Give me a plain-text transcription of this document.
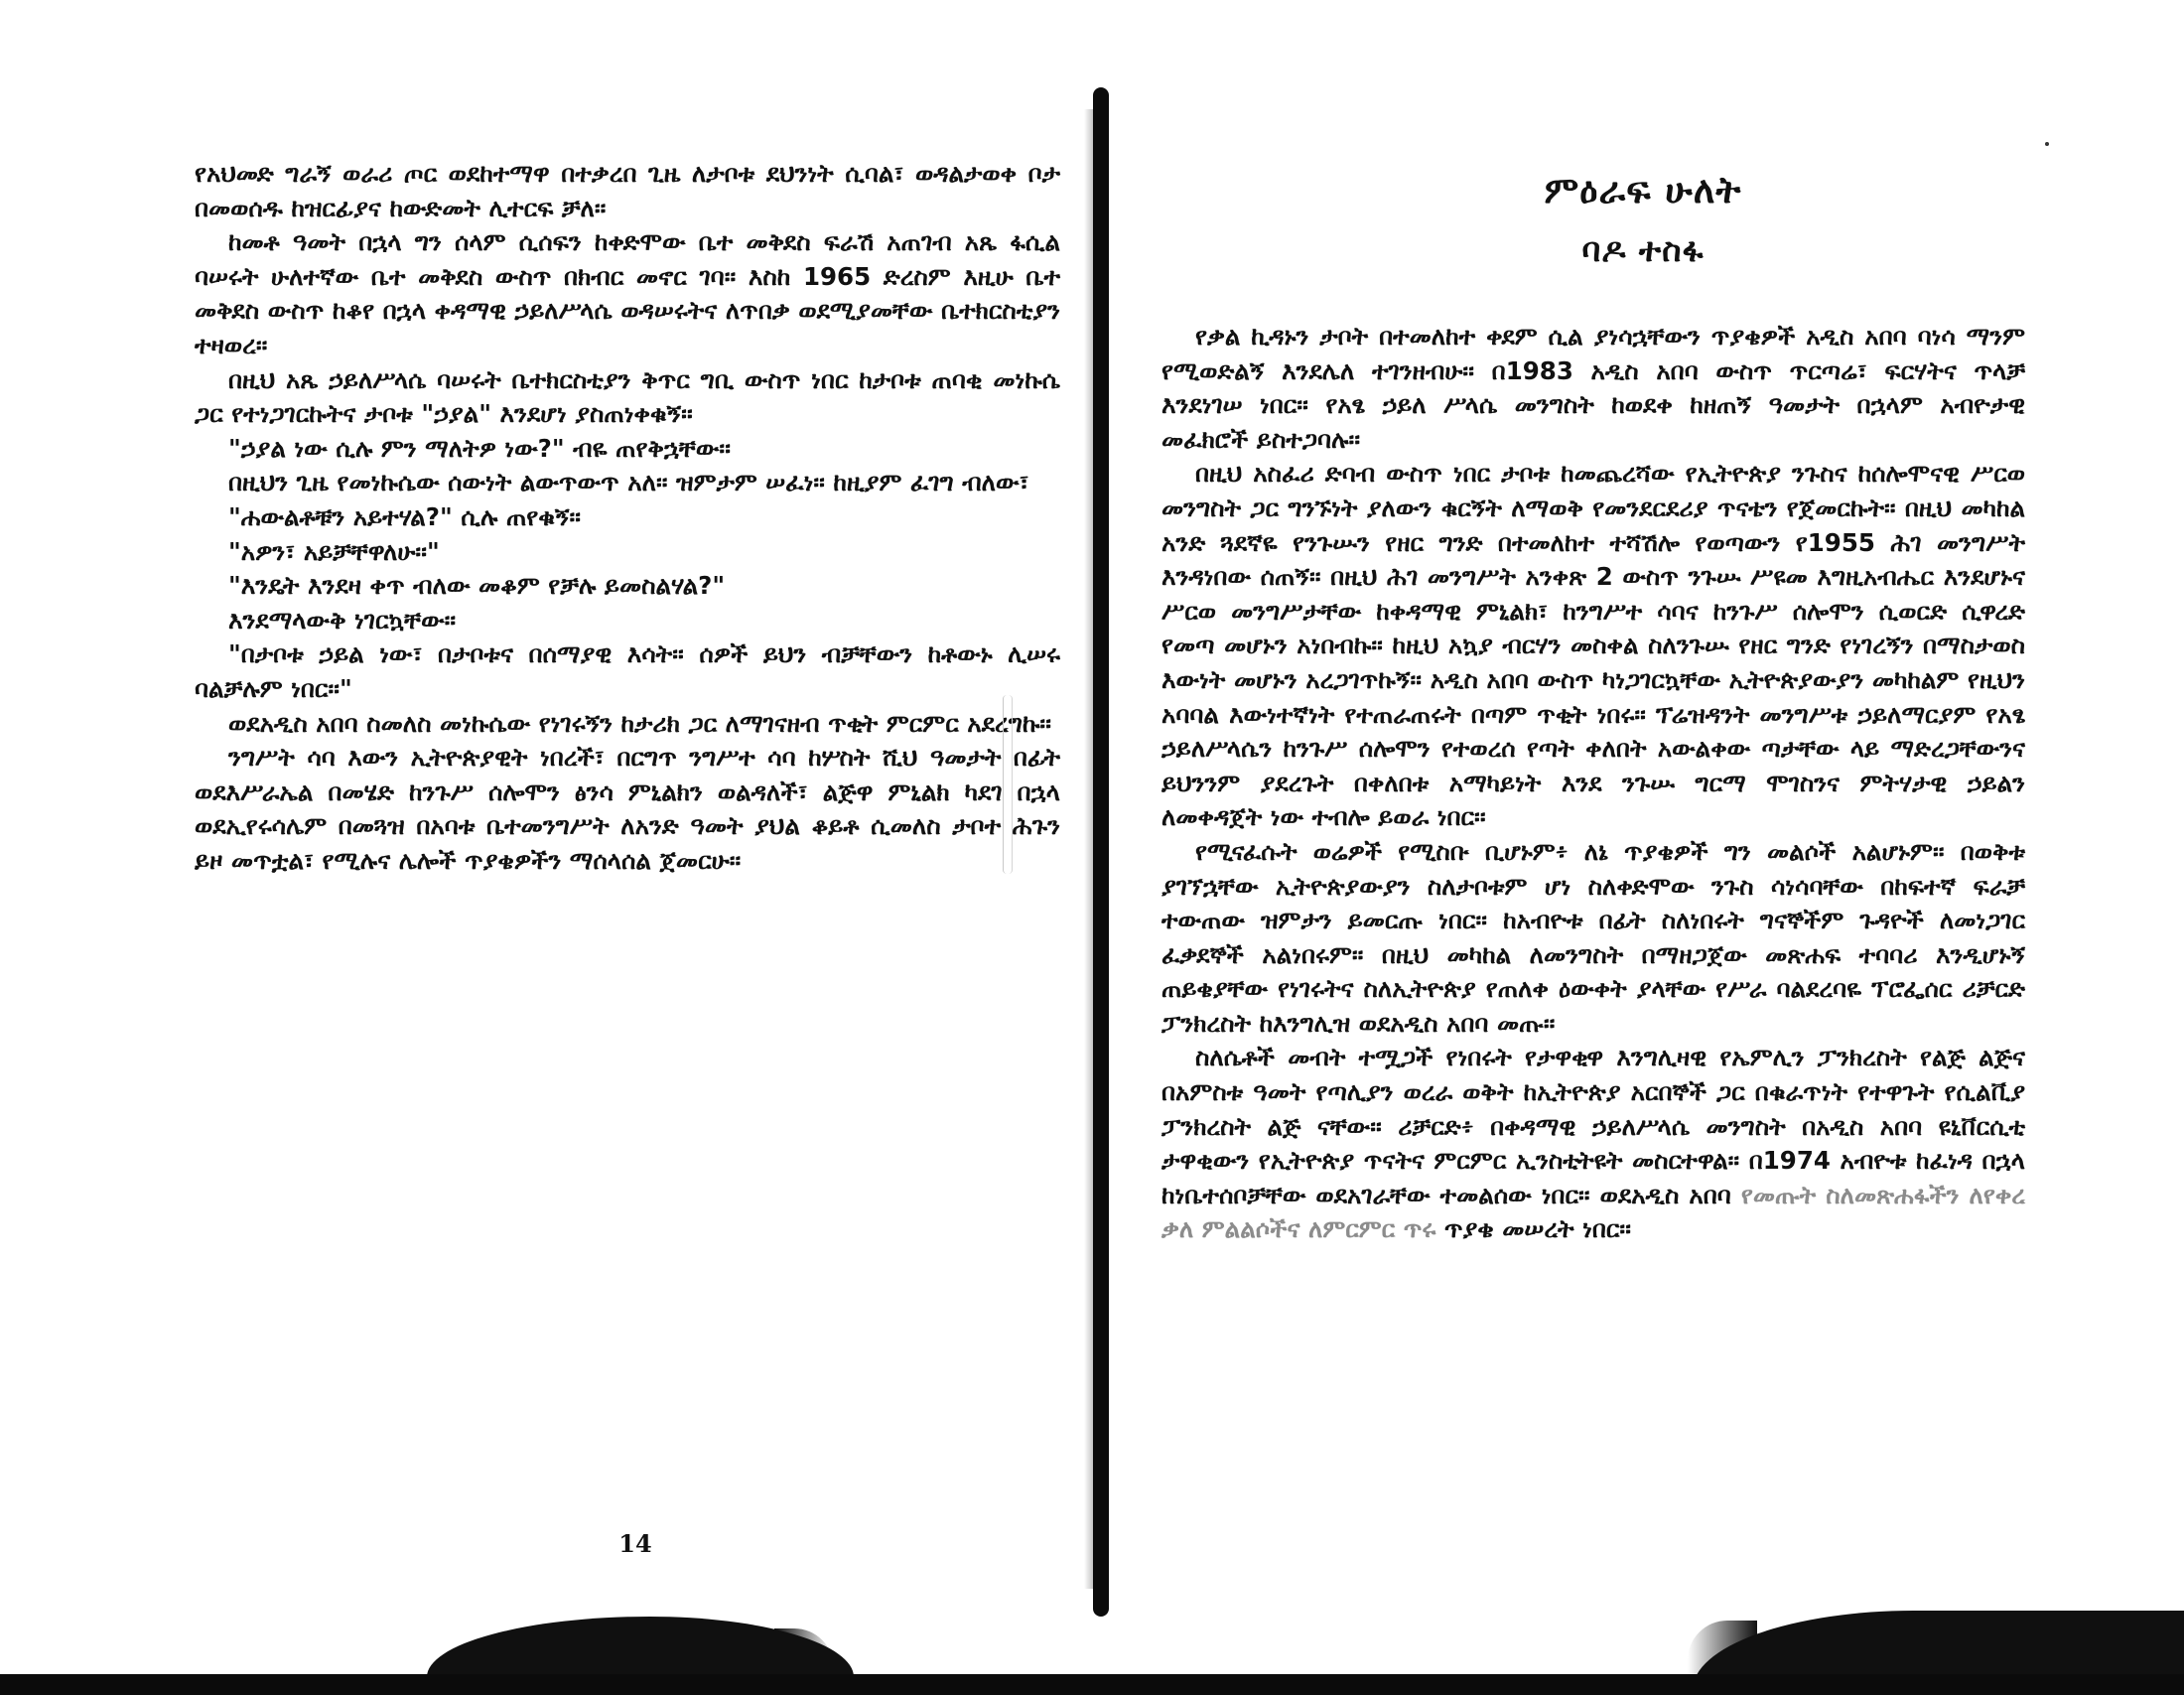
የአህመድ ግራኝ ወራሪ ጦር ወደከተማዋ በተቃረበ ጊዜ ለታቦቱ ደህንነት ሲባል፣ ወዳልታወቀ ቦታ በመወሰዱ ከዝርፊያና ከውድመት ሊተርፍ ቻለ፡፡

ከመቶ ዓመት በኋላ ግን ሰላም ሲሰፍን ከቀድሞው ቤተ መቅደስ ፍራሽ አጠገብ አጼ ፋሲል ባሠሩት ሁለተኛው ቤተ መቅደስ ውስጥ በክብር መኖር ገባ፡፡ እስከ 1965 ድረስም እዚሁ ቤተ መቅደስ ውስጥ ከቆየ በኋላ ቀዳማዊ ኃይለሥላሴ ወዳሠሩትና ለጥበቃ ወደሚያመቸው ቤተክርስቲያን ተዛወረ፡፡

በዚህ አጼ ኃይለሥላሴ ባሠሩት ቤተክርስቲያን ቅጥር ግቢ ውስጥ ነበር ከታቦቱ ጠባቂ መነኩሴ ጋር የተነጋገርኩትና ታቦቱ "ኃያል" እንደሆነ ያስጠነቀቁኝ፡፡

"ኃያል ነው ሲሉ ምን ማለትዎ ነው?" ብዬ ጠየቅኋቸው፡፡

በዚህን ጊዜ የመነኩሴው ሰውነት ልውጥውጥ አለ፡፡ ዝምታም ሠፈነ፡፡ ከዚያም ፈገግ ብለው፣

"ሐውልቶቹን አይተሃል?" ሲሉ ጠየቁኝ፡፡

"አዎን፣ አይቻቸዋለሁ፡፡"

"እንዴት እንደዛ ቀጥ ብለው መቆም የቻሉ ይመስልሃል?"

እንደማላውቅ ነገርኳቸው፡፡

"በታቦቱ ኃይል ነው፣ በታቦቱና በሰማያዊ እሳት፡፡ ሰዎች ይህን ብቻቸውን ከቶውኑ ሊሠሩ ባልቻሉም ነበር፡፡"

ወደአዲስ አበባ ስመለስ መነኩሴው የነገሩኝን ከታሪክ ጋር ለማገናዘብ ጥቂት ምርምር አደረግኩ፡፡

ንግሥት ሳባ እውን ኢትዮጵያዊት ነበረች፣ በርግጥ ንግሥተ ሳባ ከሦስት ሺህ ዓመታት በፊት ወደእሥራኤል በመሄድ ከንጉሥ ሰሎሞን ፅንሳ ምኒልክን ወልዳለች፣ ልጅዋ ምኒልክ ካደገ በኋላ ወደኢየሩሳሌም በመጓዝ በአባቱ ቤተመንግሥት ለአንድ ዓመት ያህል ቆይቶ ሲመለስ ታቦተ ሕጉን ይዞ መጥቷል፣ የሚሉና ሌሎች ጥያቄዎችን ማሰላሰል ጀመርሁ፡፡

14
ምዕራፍ ሁለት
ባዶ ተስፋ

የቃል ኪዳኑን ታቦት በተመለከተ ቀደም ሲል ያነሳኋቸውን ጥያቄዎች አዲስ አበባ ባነሳ ማንም የሚወድልኝ እንደሌለ ተገንዘብሁ፡፡ በ1983 አዲስ አበባ ውስጥ ጥርጣሬ፣ ፍርሃትና ጥላቻ እንደነገሠ ነበር፡፡ የአፄ ኃይለ ሥላሴ መንግስት ከወደቀ ከዘጠኝ ዓመታት በኋላም አብዮታዊ መፈክሮች ይስተጋባሉ፡፡

በዚህ አስፈሪ ድባብ ውስጥ ነበር ታቦቱ ከመጨረሻው የኢትዮጵያ ንጉስና ከሰሎሞናዊ ሥርወ መንግስት ጋር ግንኙነት ያለውን ቁርኝት ለማወቅ የመንደርደሪያ ጥናቴን የጀመርኩት፡፡ በዚህ መካከል አንድ ጓደኛዬ የንጉሡን የዘር ግንድ በተመለከተ ተሻሽሎ የወጣውን የ1955 ሕገ መንግሥት እንዳነበው ሰጠኝ፡፡ በዚህ ሕገ መንግሥት አንቀጽ 2 ውስጥ ንጉሡ ሥዩመ እግዚአብሔር እንደሆኑና ሥርወ መንግሥታቸው ከቀዳማዊ ምኒልክ፣ ከንግሥተ ሳባና ከንጉሥ ሰሎሞን ሲወርድ ሲዋረድ የመጣ መሆኑን አነበብኩ፡፡ ከዚህ አኳያ ብርሃን መስቀል ስለንጉሡ የዘር ግንድ የነገረኝን በማስታወስ እውነት መሆኑን አረጋገጥኩኝ፡፡ አዲስ አበባ ውስጥ ካነጋገርኳቸው ኢትዮጵያውያን መካከልም የዚህን አባባል እውነተኛነት የተጠራጠሩት በጣም ጥቂት ነበሩ፡፡ ፕሬዝዳንት መንግሥቱ ኃይለማርያም የአፄ ኃይለሥላሴን ከንጉሥ ሰሎሞን የተወረሰ የጣት ቀለበት አውልቀው ጣታቸው ላይ ማድረጋቸውንና ይህንንም ያደረጉት በቀለበቱ አማካይነት እንደ ንጉሡ ግርማ ሞገስንና ምትሃታዊ ኃይልን ለመቀዳጀት ነው ተብሎ ይወራ ነበር፡፡

የሚናፈሱት ወሬዎች የሚስቡ ቢሆኑም፥ ለኔ ጥያቄዎች ግን መልሶች አልሆኑም፡፡ በወቅቱ ያገኘኋቸው ኢትዮጵያውያን ስለታቦቱም ሆነ ስለቀድሞው ንጉስ ሳነሳባቸው በከፍተኛ ፍራቻ ተውጠው ዝምታን ይመርጡ ነበር፡፡ ከአብዮቱ በፊት ስለነበሩት ግናኞችም ጉዳዮች ለመነጋገር ፈቃደኞች አልነበሩም፡፡ በዚህ መካከል ለመንግስት በማዘጋጀው መጽሐፍ ተባባሪ እንዲሆኑኝ ጠይቄያቸው የነገሩትና ስለኢትዮጵያ የጠለቀ ዕውቀት ያላቸው የሥራ ባልደረባዬ ፕሮፌሰር ሪቻርድ ፓንክረስት ከእንግሊዝ ወደአዲስ አበባ መጡ፡፡

ስለሴቶች መብት ተሟጋች የነበሩት የታዋቂዋ እንግሊዛዊ የኤምሊን ፓንክረስት የልጅ ልጅና በአምስቱ ዓመት የጣሊያን ወረራ ወቅት ከኢትዮጵያ አርበኞች ጋር በቁራጥነት የተዋጉት የሲልቪያ ፓንክረስት ልጅ ናቸው፡፡ ሪቻርድ፥ በቀዳማዊ ኃይለሥላሴ መንግስት በአዲስ አበባ ዩኒቨርሲቲ ታዋቂውን የኢትዮጵያ ጥናትና ምርምር ኢንስቲትዩት መስርተዋል፡፡ በ1974 አብዮቱ ከፈነዳ በኋላ ከነቤተሰቦቻቸው ወደአገራቸው ተመልሰው ነበር፡፡ ወደአዲስ አበባ የመጡት ስለመጽሐፋችን ለየቀረ ቃለ ምልልሶችና ለምርምር ጥሩ ጥያቄ መሠረት ነበር፡፡
